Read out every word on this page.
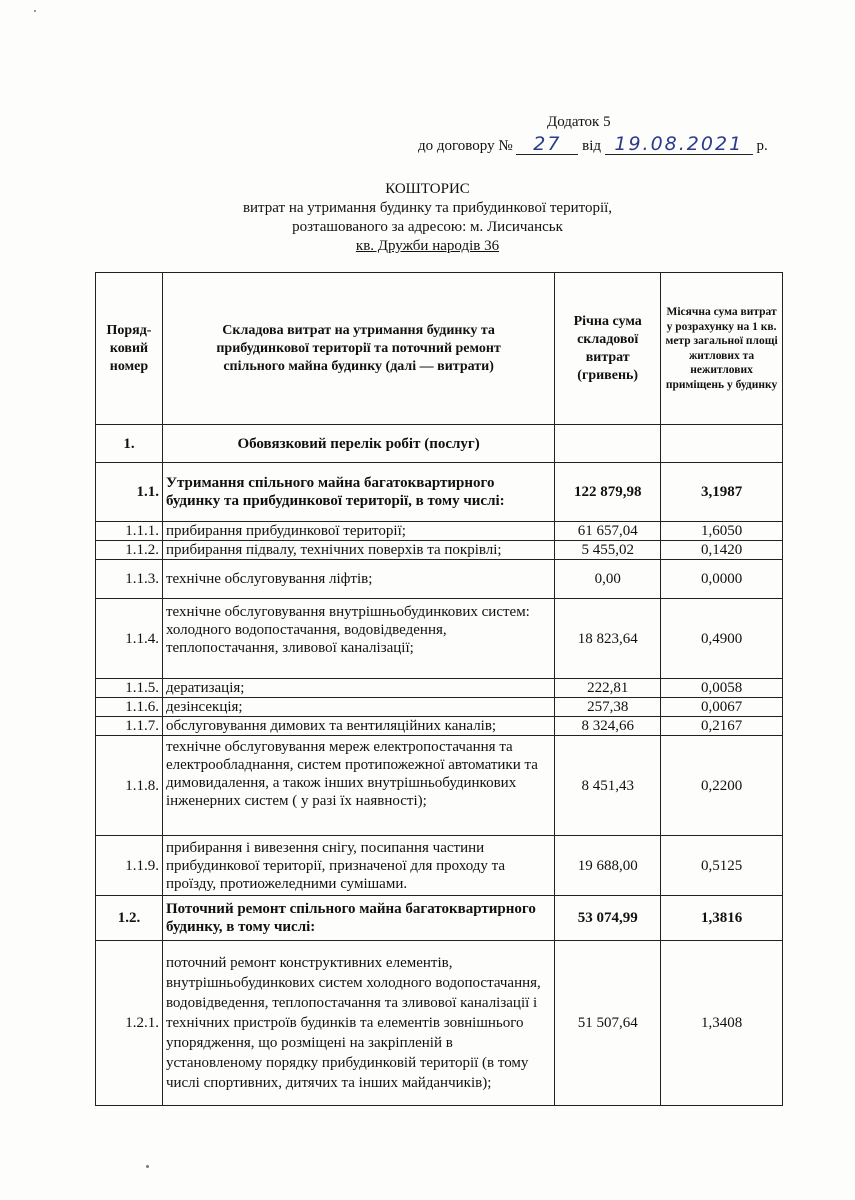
Додаток 5
до договору № 27 від 19.08.2021 р.
КОШТОРИС
витрат на утримання будинку та прибудинкової території,
розташованого за адресою: м. Лисичанськ
кв. Дружби народів 36
Поряд-ковий номер	Складова витрат на утримання будинку та прибудинкової території та поточний ремонт спільного майна будинку (далі — витрати)	Річна сума складової витрат (гривень)	Місячна сума витрат у розрахунку на 1 кв. метр загальної площі житлових та нежитлових приміщень у будинку
1.	Обовязковий перелік робіт (послуг)		
1.1.	Утримання спільного майна багатоквартирного будинку та прибудинкової території, в тому числі:	122 879,98	3,1987
1.1.1.	прибирання прибудинкової території;	61 657,04	1,6050
1.1.2.	прибирання підвалу, технічних поверхів та покрівлі;	5 455,02	0,1420
1.1.3.	технічне обслуговування ліфтів;	0,00	0,0000
1.1.4.	технічне обслуговування внутрішньобудинкових систем: холодного водопостачання, водовідведення, теплопостачання, зливової каналізації;	18 823,64	0,4900
1.1.5.	дератизація;	222,81	0,0058
1.1.6.	дезінсекція;	257,38	0,0067
1.1.7.	обслуговування димових та вентиляційних каналів;	8 324,66	0,2167
1.1.8.	технічне обслуговування мереж електропостачання та електрообладнання, систем протипожежної автоматики та димовидалення, а також інших внутрішньобудинкових інженерних систем ( у разі їх наявності);	8 451,43	0,2200
1.1.9.	прибирання і вивезення снігу, посипання частини прибудинкової території, призначеної для проходу та проїзду, протиожеледними сумішами.	19 688,00	0,5125
1.2.	Поточний ремонт спільного майна багатоквартирного будинку, в тому числі:	53 074,99	1,3816
1.2.1.	поточний ремонт конструктивних елементів, внутрішньобудинкових систем холодного водопостачання, водовідведення, теплопостачання та зливової каналізації і технічних пристроїв будинків та елементів зовнішнього упорядження, що розміщені на закріпленій в установленому порядку прибудинковій території (в тому числі спортивних, дитячих та інших майданчиків);	51 507,64	1,3408
